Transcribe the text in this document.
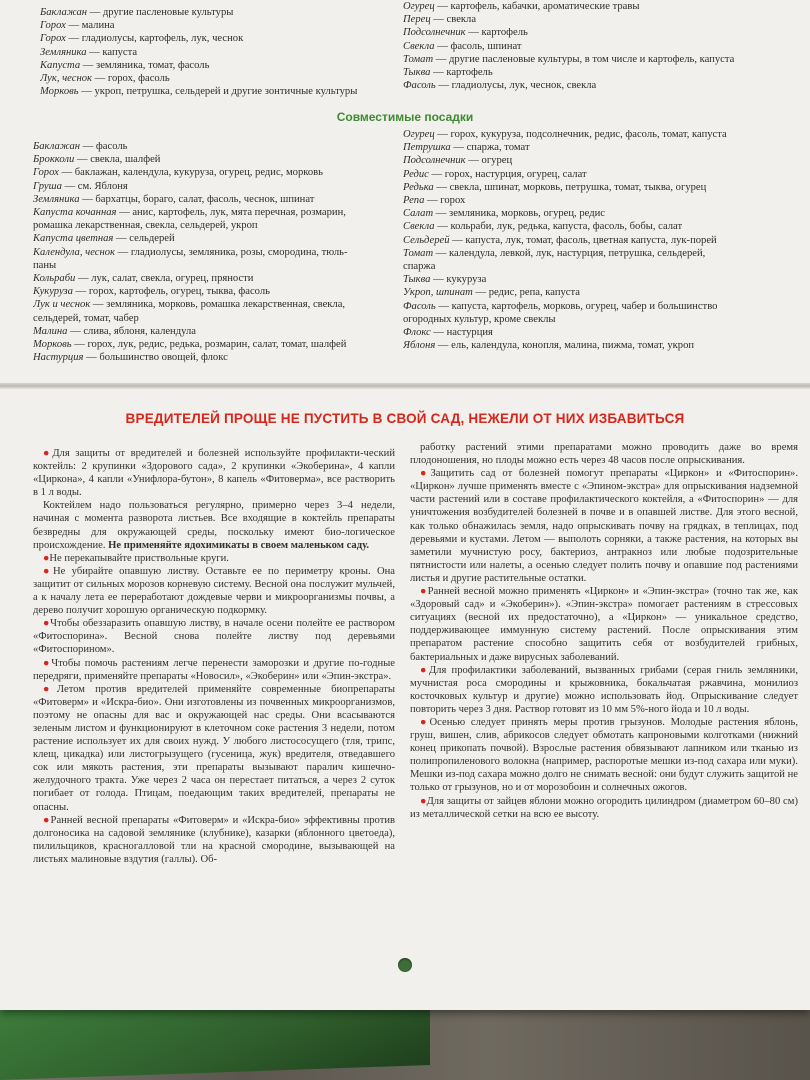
Баклажан — другие пасленовые культуры
Горох — малина
Горох — гладиолусы, картофель, лук, чеснок
Земляника — капуста
Капуста — земляника, томат, фасоль
Лук, чеснок — горох, фасоль
Морковь — укроп, петрушка, сельдерей и другие зонтичные культуры
Огурец — картофель, кабачки, ароматические травы
Перец — свекла
Подсолнечник — картофель
Свекла — фасоль, шпинат
Томат — другие пасленовые культуры, в том числе и картофель, капуста
Тыква — картофель
Фасоль — гладиолусы, лук, чеснок, свекла
Совместимые посадки
Баклажан — фасоль
Брокколи — свекла, шалфей
Горох — баклажан, календула, кукуруза, огурец, редис, морковь
Груша — см. Яблоня
Земляника — бархатцы, бораго, салат, фасоль, чеснок, шпинат
Капуста кочанная — анис, картофель, лук, мята перечная, розмарин,
ромашка лекарственная, свекла, сельдерей, укроп
Капуста цветная — сельдерей
Календула, чеснок — гладиолусы, земляника, розы, смородина, тюль-
паны
Кольраби — лук, салат, свекла, огурец, пряности
Кукуруза — горох, картофель, огурец, тыква, фасоль
Лук и чеснок — земляника, морковь, ромашка лекарственная, свекла,
сельдерей, томат, чабер
Малина — слива, яблоня, календула
Морковь — горох, лук, редис, редька, розмарин, салат, томат, шалфей
Настурция — большинство овощей, флокс
Огурец — горох, кукуруза, подсолнечник, редис, фасоль, томат, капуста
Петрушка — спаржа, томат
Подсолнечник — огурец
Редис — горох, настурция, огурец, салат
Редька — свекла, шпинат, морковь, петрушка, томат, тыква, огурец
Репа — горох
Салат — земляника, морковь, огурец, редис
Свекла — кольраби, лук, редька, капуста, фасоль, бобы, салат
Сельдерей — капуста, лук, томат, фасоль, цветная капуста, лук-порей
Томат — календула, левкой, лук, настурция, петрушка, сельдерей,
спаржа
Тыква — кукуруза
Укроп, шпинат — редис, репа, капуста
Фасоль — капуста, картофель, морковь, огурец, чабер и большинство
огородных культур, кроме свеклы
Флокс — настурция
Яблоня — ель, календула, конопля, малина, пижма, томат, укроп
ВРЕДИТЕЛЕЙ ПРОЩЕ НЕ ПУСТИТЬ В СВОЙ САД, НЕЖЕЛИ ОТ НИХ ИЗБАВИТЬСЯ

●Для защиты от вредителей и болезней используйте профилакти-ческий коктейль: 2 крупинки «Здорового сада», 2 крупинки «Экоберина», 4 капли «Циркона», 4 капли «Унифлора-бутон», 8 капель «Фитоверма», все растворить в 1 л воды.

Коктейлем надо пользоваться регулярно, примерно через 3–4 недели, начиная с момента разворота листьев. Все входящие в коктейль препараты безвредны для окружающей среды, поскольку имеют био-логическое происхождение. Не применяйте ядохимикаты в своем маленьком саду.

●Не перекапывайте приствольные круги.

●Не убирайте опавшую листву. Оставьте ее по периметру кроны. Она защитит от сильных морозов корневую систему. Весной она послужит мульчей, а к началу лета ее переработают дождевые черви и микроорганизмы почвы, а дерево получит хорошую органическую подкормку.

●Чтобы обеззаразить опавшую листву, в начале осени полейте ее раствором «Фитоспорина». Весной снова полейте листву под деревьями «Фитоспорином».

●Чтобы помочь растениям легче перенести заморозки и другие по-годные передряги, применяйте препараты «Новосил», «Экоберин» или «Эпин-экстра».

●Летом против вредителей применяйте современные биопрепараты «Фитоверм» и «Искра-био». Они изготовлены из почвенных микроорганизмов, поэтому не опасны для вас и окружающей нас среды. Они всасываются зеленым листом и функционируют в клеточном соке растения 3 недели, потом растение использует их для своих нужд. У любого листососущего (тля, трипс, клещ, цикадка) или листогрызущего (гусеница, жук) вредителя, отведавшего сок или мякоть растения, эти препараты вызывают паралич кишечно-желудочного тракта. Уже через 2 часа он перестает питаться, а через 2 суток погибает от голода. Птицам, поедающим таких вредителей, препараты не опасны.

●Ранней весной препараты «Фитоверм» и «Искра-био» эффективны против долгоносика на садовой землянике (клубнике), казарки (яблонного цветоеда), пилильщиков, красногалловой тли на красной смородине, вызывающей на листьях малиновые вздутия (галлы). Об-

работку растений этими препаратами можно проводить даже во время плодоношения, но плоды можно есть через 48 часов после опрыскивания.

●Защитить сад от болезней помогут препараты «Циркон» и «Фитоспорин». «Циркон» лучше применять вместе с «Эпином-экстра» для опрыскивания надземной части растений или в составе профилактического коктейля, а «Фитоспорин» — для уничтожения возбудителей болезней в почве и в опавшей листве. Для этого весной, как только обнажилась земля, надо опрыскивать почву на грядках, в теплицах, под деревьями и кустами. Летом — выполоть сорняки, а также растения, на которых вы заметили мучнистую росу, бактериоз, антракноз или любые подозрительные пятнистости или налеты, а осенью следует полить почву и опавшие под растениями листья и другие растительные остатки.

●Ранней весной можно применять «Циркон» и «Эпин-экстра» (точно так же, как «Здоровый сад» и «Экоберин»). «Эпин-экстра» помогает растениям в стрессовых ситуациях (весной их предостаточно), а «Циркон» — уникальное средство, поддерживающее иммунную систему растений. После опрыскивания этим препаратом растение способно защитить себя от возбудителей грибных, бактериальных и даже вирусных заболеваний.

●Для профилактики заболеваний, вызванных грибами (серая гниль земляники, мучнистая роса смородины и крыжовника, бокальчатая ржавчина, монилиоз косточковых культур и другие) можно использовать йод. Опрыскивание следует повторить через 3 дня. Раствор готовят из 10 мм 5%-ного йода и 10 л воды.

●Осенью следует принять меры против грызунов. Молодые растения яблонь, груш, вишен, слив, абрикосов следует обмотать капроновыми колготками (нижний конец прикопать почвой). Взрослые растения обвязывают лапником или тканью из полипропиленового волокна (например, распоротые мешки из-под сахара или муки). Мешки из-под сахара можно долго не снимать весной: они будут служить защитой не только от грызунов, но и от морозобоин и солнечных ожогов.

●Для защиты от зайцев яблони можно огородить цилиндром (диаметром 60–80 см) из металлической сетки на всю ее высоту.
